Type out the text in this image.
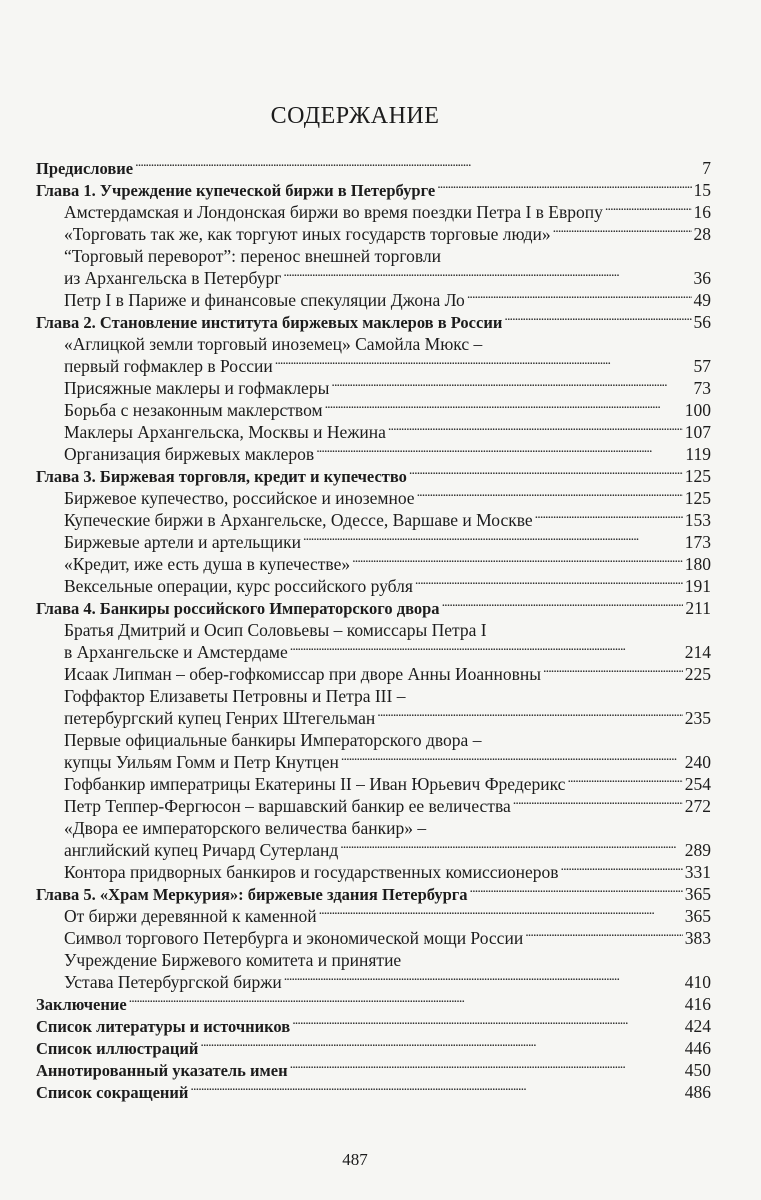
СОДЕРЖАНИЕ
Предисловие . . .	7
Глава 1. Учреждение купеческой биржи в Петербурге . . .	15
Амстердамская и Лондонская биржи во время поездки Петра I в Европу . . .	16
«Торговать так же, как торгуют иных государств торговые люди» . . .	28
“Торговый переворот”: перенос внешней торговли
из Архангельска в Петербург . . .	36
Петр I в Париже и финансовые спекуляции Джона Ло . . .	49
Глава 2. Становление института биржевых маклеров в России . . .	56
«Аглицкой земли торговый иноземец» Самойла Мюкс –
первый гофмаклер в России . . .	57
Присяжные маклеры и гофмаклеры . . .	73
Борьба с незаконным маклерством . . .	100
Маклеры Архангельска, Москвы и Нежина . . .	107
Организация биржевых маклеров . . .	119
Глава 3. Биржевая торговля, кредит и купечество . . .	125
Биржевое купечество, российское и иноземное . . .	125
Купеческие биржи в Архангельске, Одессе, Варшаве и Москве . . .	153
Биржевые артели и артельщики . . .	173
«Кредит, иже есть душа в купечестве» . . .	180
Вексельные операции, курс российского рубля . . .	191
Глава 4. Банкиры российского Императорского двора . . .	211
Братья Дмитрий и Осип Соловьевы – комиссары Петра I
в Архангельске и Амстердаме . . .	214
Исаак Липман – обер-гофкомиссар при дворе Анны Иоанновны . . .	225
Гоффактор Елизаветы Петровны и Петра III –
петербургский купец Генрих Штегельман . . .	235
Первые официальные банкиры Императорского двора –
купцы Уильям Гомм и Петр Кнутцен . . .	240
Гофбанкир императрицы Екатерины II – Иван Юрьевич Фредерикс . . .	254
Петр Теппер-Фергюсон – варшавский банкир ее величества . . .	272
«Двора ее императорского величества банкир» –
английский купец Ричард Сутерланд . . .	289
Контора придворных банкиров и государственных комиссионеров . . .	331
Глава 5. «Храм Меркурия»: биржевые здания Петербурга . . .	365
От биржи деревянной к каменной . . .	365
Символ торгового Петербурга и экономической мощи России . . .	383
Учреждение Биржевого комитета и принятие
Устава Петербургской биржи . . .	410
Заключение . . .	416
Список литературы и источников . . .	424
Список иллюстраций . . .	446
Аннотированный указатель имен . . .	450
Список сокращений . . .	486
487
